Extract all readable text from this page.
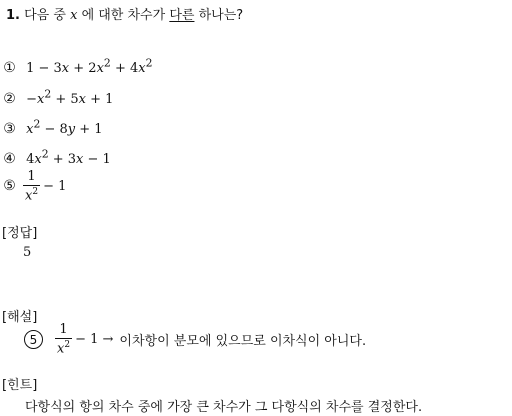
1. 다음 중 x 에 대한 차수가 다른 하나는?
① $1 - 3x + 2x^2 + 4x^2$
② $-x^2 + 5x + 1$
③ $x^2 - 8y + 1$
④ $4x^2 + 3x - 1$
⑤ $\frac{1}{x^2} - 1$
[정답]
5
[해설]
5	$\frac{1}{x^2} - 1$ → 이차항이 분모에 있으므로 이차식이 아니다.
[힌트]
다항식의 항의 차수 중에 가장 큰 차수가 그 다항식의 차수를 결정한다.
